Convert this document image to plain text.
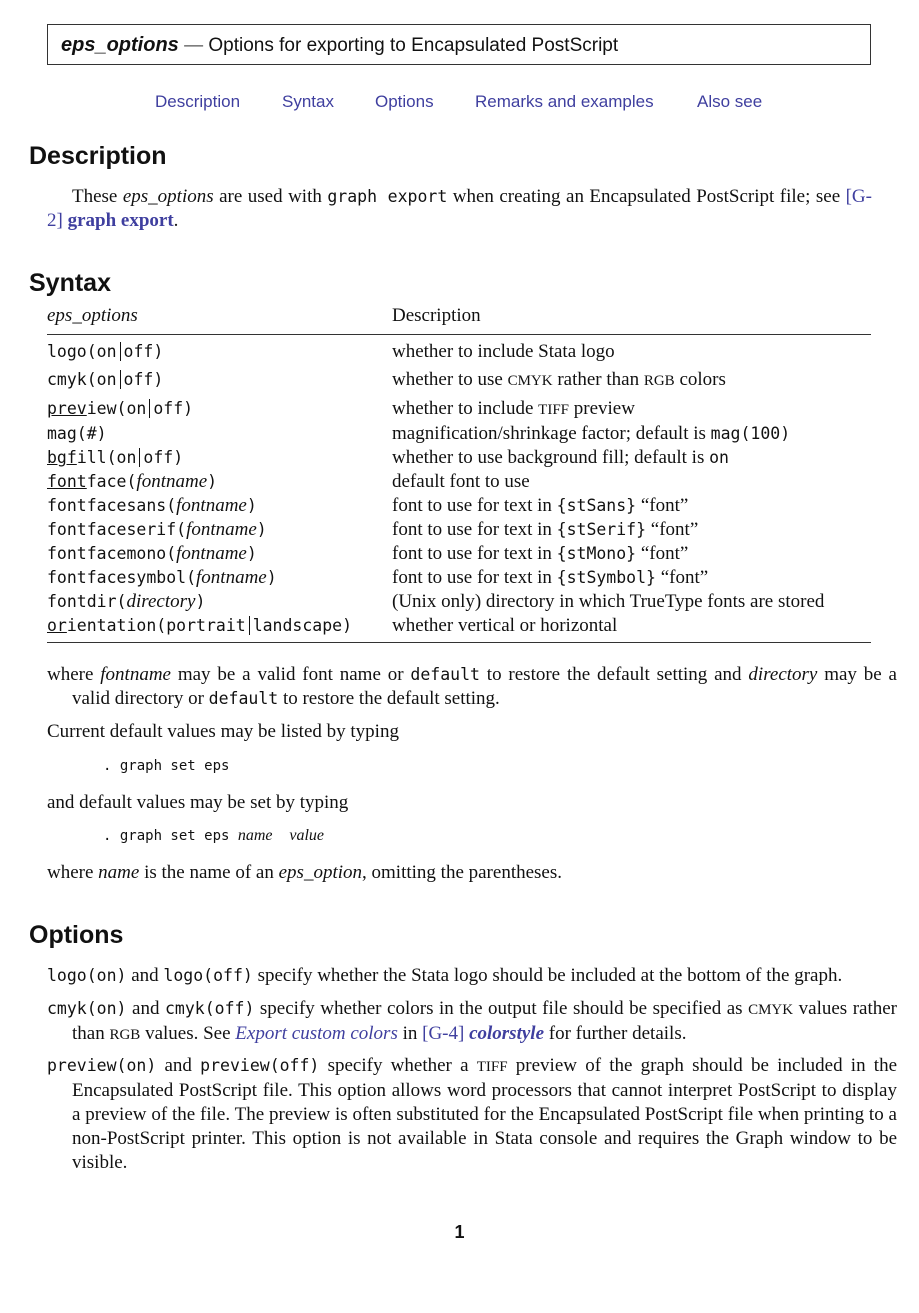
eps_options — Options for exporting to Encapsulated PostScript
Description Syntax Options Remarks and examples	Also see
Description
These eps_options are used with graph export when creating an Encapsulated PostScript file; see [G-2] graph export.
Syntax
eps_options	Description
logo(on off)	whether to include Stata logo
cmyk(on off)	whether to use CMYK rather than RGB colors
preview(on off)	whether to include TIFF preview
mag(#)	magnification/shrinkage factor; default is mag(100)
bgfill(on off)	whether to use background fill; default is on
fontface(fontname)	default font to use
fontfacesans(fontname)	font to use for text in {stSans} “font”
fontfaceserif(fontname)	font to use for text in {stSerif} “font”
fontfacemono(fontname)	font to use for text in {stMono} “font”
fontfacesymbol(fontname)	font to use for text in {stSymbol} “font”
fontdir(directory)	(Unix only) directory in which TrueType fonts are stored
orientation(portrait landscape)	whether vertical or horizontal
where fontname may be a valid font name or default to restore the default setting and directory may be a valid directory or default to restore the default setting.
Current default values may be listed by typing
. graph set eps
and default values may be set by typing
. graph set eps name value
where name is the name of an eps_option, omitting the parentheses.
Options
logo(on) and logo(off) specify whether the Stata logo should be included at the bottom of the graph.
cmyk(on) and cmyk(off) specify whether colors in the output file should be specified as CMYK values rather than RGB values. See Export custom colors in [G-4] colorstyle for further details.
preview(on) and preview(off) specify whether a TIFF preview of the graph should be included in the Encapsulated PostScript file. This option allows word processors that cannot interpret PostScript to display a preview of the file. The preview is often substituted for the Encapsulated PostScript file when printing to a non-PostScript printer. This option is not available in Stata console and requires the Graph window to be visible.
1
